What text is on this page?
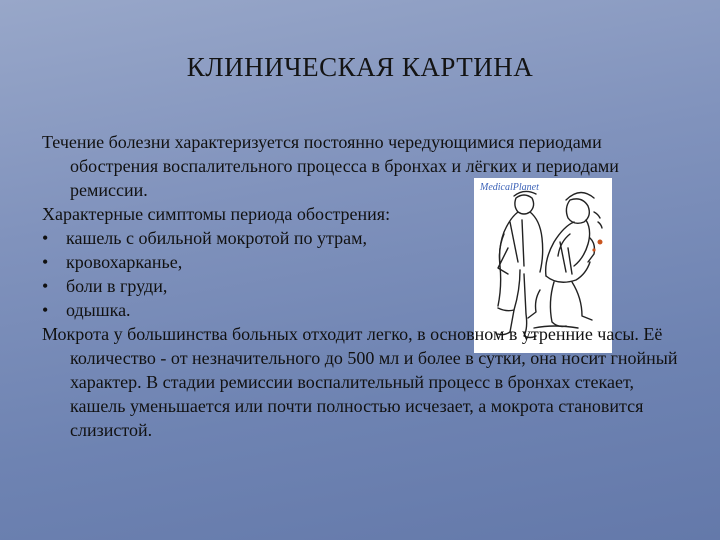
КЛИНИЧЕСКАЯ КАРТИНА
MedicalPlanet

Течение болезни характеризуется постоянно чередующимися периодами обострения воспалительного процесса в бронхах и лёгких и периодами ремиссии.

Характерные симптомы периода обострения:

• кашель с обильной мокротой по утрам,
• кровохарканье,
• боли в груди,
• одышка.

Мокрота у большинства больных отходит легко, в основном в утренние часы. Её количество - от незначительного до 500 мл и более в сутки, она носит гнойный характер. В стадии ремиссии воспалительный процесс в бронхах стекает, кашель уменьшается или почти полностью исчезает, а мокрота становится слизистой.
